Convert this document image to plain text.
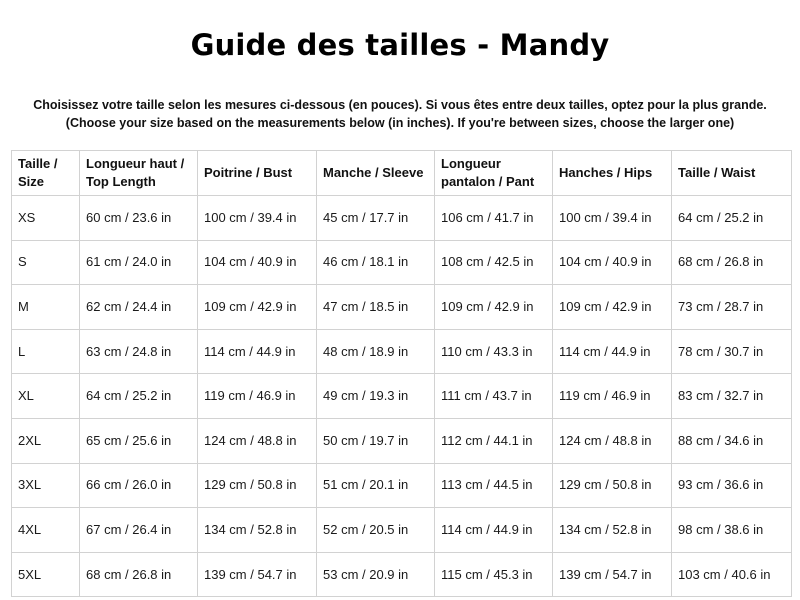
Guide des tailles - Mandy
Choisissez votre taille selon les mesures ci-dessous (en pouces). Si vous êtes entre deux tailles, optez pour la plus grande.
(Choose your size based on the measurements below (in inches). If you're between sizes, choose the larger one)
Taille / Size	Longueur haut / Top Length	Poitrine / Bust	Manche / Sleeve	Longueur pantalon / Pant	Hanches / Hips	Taille / Waist
XS	60 cm / 23.6 in	100 cm / 39.4 in	45 cm / 17.7 in	106 cm / 41.7 in	100 cm / 39.4 in	64 cm / 25.2 in
S	61 cm / 24.0 in	104 cm / 40.9 in	46 cm / 18.1 in	108 cm / 42.5 in	104 cm / 40.9 in	68 cm / 26.8 in
M	62 cm / 24.4 in	109 cm / 42.9 in	47 cm / 18.5 in	109 cm / 42.9 in	109 cm / 42.9 in	73 cm / 28.7 in
L	63 cm / 24.8 in	114 cm / 44.9 in	48 cm / 18.9 in	110 cm / 43.3 in	114 cm / 44.9 in	78 cm / 30.7 in
XL	64 cm / 25.2 in	119 cm / 46.9 in	49 cm / 19.3 in	111 cm / 43.7 in	119 cm / 46.9 in	83 cm / 32.7 in
2XL	65 cm / 25.6 in	124 cm / 48.8 in	50 cm / 19.7 in	112 cm / 44.1 in	124 cm / 48.8 in	88 cm / 34.6 in
3XL	66 cm / 26.0 in	129 cm / 50.8 in	51 cm / 20.1 in	113 cm / 44.5 in	129 cm / 50.8 in	93 cm / 36.6 in
4XL	67 cm / 26.4 in	134 cm / 52.8 in	52 cm / 20.5 in	114 cm / 44.9 in	134 cm / 52.8 in	98 cm / 38.6 in
5XL	68 cm / 26.8 in	139 cm / 54.7 in	53 cm / 20.9 in	115 cm / 45.3 in	139 cm / 54.7 in	103 cm / 40.6 in
